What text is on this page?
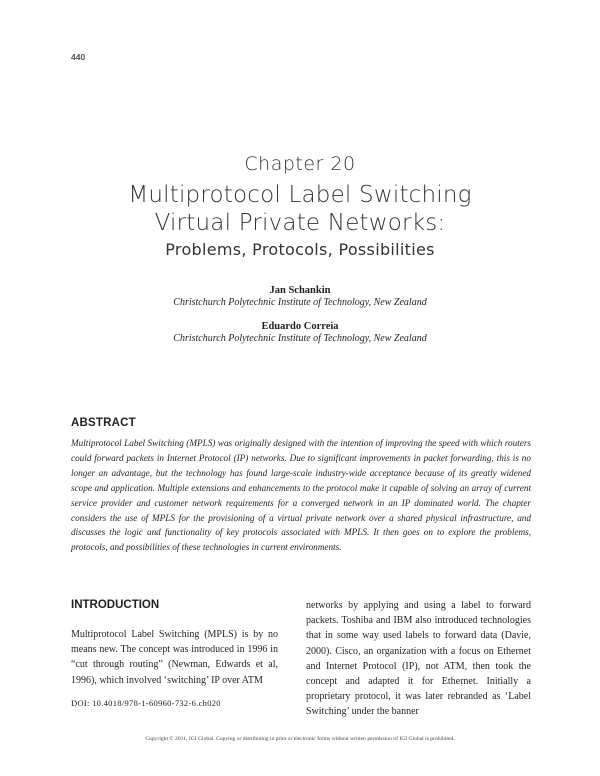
440
Chapter 20
Multiprotocol Label Switching
Virtual Private Networks:
Problems, Protocols, Possibilities
Jan Schankin
Christchurch Polytechnic Institute of Technology, New Zealand
Eduardo Correia
Christchurch Polytechnic Institute of Technology, New Zealand
ABSTRACT
Multiprotocol Label Switching (MPLS) was originally designed with the intention of improving the speed with which routers could forward packets in Internet Protocol (IP) networks. Due to significant improvements in packet forwarding, this is no longer an advantage, but the technology has found large-scale industry-wide acceptance because of its greatly widened scope and application. Multiple extensions and enhancements to the protocol make it capable of solving an array of current service provider and customer network requirements for a converged network in an IP dominated world. The chapter considers the use of MPLS for the provisioning of a virtual private network over a shared physical infrastructure, and discusses the logic and functionality of key protocols associated with MPLS. It then goes on to explore the problems, protocols, and possibilities of these technologies in current environments.
INTRODUCTION
Multiprotocol Label Switching (MPLS) is by no means new. The concept was introduced in 1996 in “cut through routing” (Newman, Edwards et al, 1996), which involved ‘switching’ IP over ATM
networks by applying and using a label to forward packets. Toshiba and IBM also introduced technologies that in some way used labels to forward data (Davie, 2000). Cisco, an organization with a focus on Ethernet and Internet Protocol (IP), not ATM, then took the concept and adapted it for Ethernet. Initially a proprietary protocol, it was later rebranded as ‘Label Switching’ under the banner
DOI: 10.4018/978-1-60960-732-6.ch020
Copyright © 2011, IGI Global. Copying or distributing in print or electronic forms without written permission of IGI Global is prohibited.
